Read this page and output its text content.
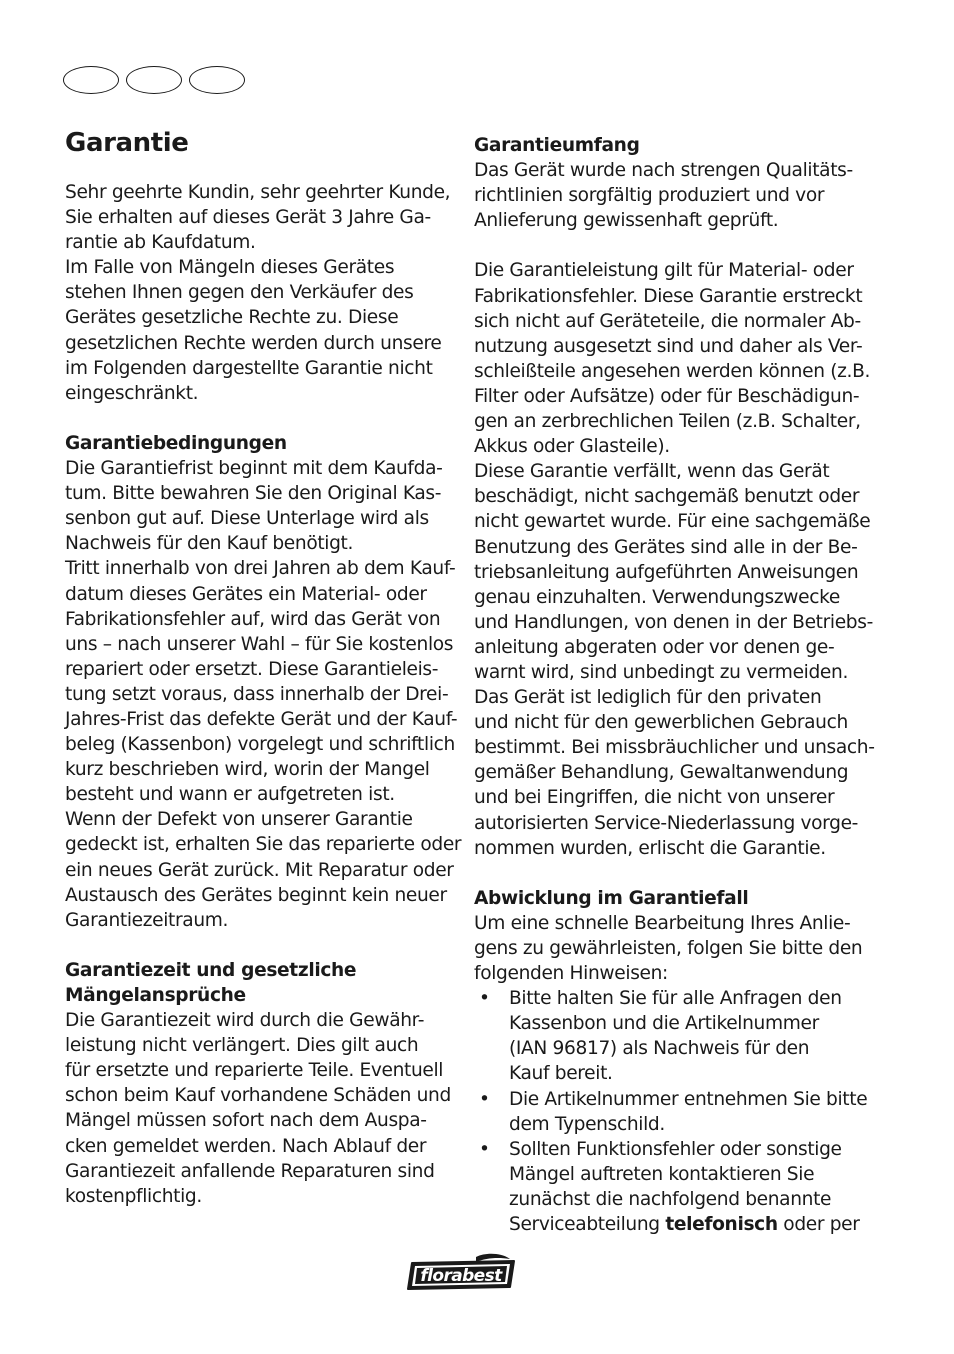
Garantie
Sehr geehrte Kundin, sehr geehrter Kunde,
Sie erhalten auf dieses Gerät 3 Jahre Ga-
rantie ab Kaufdatum.
Im Falle von Mängeln dieses Gerätes
stehen Ihnen gegen den Verkäufer des
Gerätes gesetzliche Rechte zu. Diese
gesetzlichen Rechte werden durch unsere
im Folgenden dargestellte Garantie nicht
eingeschränkt.
Garantiebedingungen
Die Garantiefrist beginnt mit dem Kaufda-
tum. Bitte bewahren Sie den Original Kas-
senbon gut auf. Diese Unterlage wird als
Nachweis für den Kauf benötigt.
Tritt innerhalb von drei Jahren ab dem Kauf-
datum dieses Gerätes ein Material- oder
Fabrikationsfehler auf, wird das Gerät von
uns – nach unserer Wahl – für Sie kostenlos
repariert oder ersetzt. Diese Garantieleis-
tung setzt voraus, dass innerhalb der Drei-
Jahres-Frist das defekte Gerät und der Kauf-
beleg (Kassenbon) vorgelegt und schriftlich
kurz beschrieben wird, worin der Mangel
besteht und wann er aufgetreten ist.
Wenn der Defekt von unserer Garantie
gedeckt ist, erhalten Sie das reparierte oder
ein neues Gerät zurück. Mit Reparatur oder
Austausch des Gerätes beginnt kein neuer
Garantiezeitraum.
Garantiezeit und gesetzliche
Mängelansprüche
Die Garantiezeit wird durch die Gewähr-
leistung nicht verlängert. Dies gilt auch
für ersetzte und reparierte Teile. Eventuell
schon beim Kauf vorhandene Schäden und
Mängel müssen sofort nach dem Auspa-
cken gemeldet werden. Nach Ablauf der
Garantiezeit anfallende Reparaturen sind
kostenpflichtig.
Garantieumfang
Das Gerät wurde nach strengen Qualitäts-
richtlinien sorgfältig produziert und vor
Anlieferung gewissenhaft geprüft.
Die Garantieleistung gilt für Material- oder
Fabrikationsfehler. Diese Garantie erstreckt
sich nicht auf Geräteteile, die normaler Ab-
nutzung ausgesetzt sind und daher als Ver-
schleißteile angesehen werden können (z.B.
Filter oder Aufsätze) oder für Beschädigun-
gen an zerbrechlichen Teilen (z.B. Schalter,
Akkus oder Glasteile).
Diese Garantie verfällt, wenn das Gerät
beschädigt, nicht sachgemäß benutzt oder
nicht gewartet wurde. Für eine sachgemäße
Benutzung des Gerätes sind alle in der Be-
triebsanleitung aufgeführten Anweisungen
genau einzuhalten. Verwendungszwecke
und Handlungen, von denen in der Betriebs-
anleitung abgeraten oder vor denen ge-
warnt wird, sind unbedingt zu vermeiden.
Das Gerät ist lediglich für den privaten
und nicht für den gewerblichen Gebrauch
bestimmt. Bei missbräuchlicher und unsach-
gemäßer Behandlung, Gewaltanwendung
und bei Eingriffen, die nicht von unserer
autorisierten Service-Niederlassung vorge-
nommen wurden, erlischt die Garantie.
Abwicklung im Garantiefall
Um eine schnelle Bearbeitung Ihres Anlie-
gens zu gewährleisten, folgen Sie bitte den
folgenden Hinweisen:
• Bitte halten Sie für alle Anfragen den
Kassenbon und die Artikelnummer
(IAN 96817) als Nachweis für den
Kauf bereit.
• Die Artikelnummer entnehmen Sie bitte
dem Typenschild.
• Sollten Funktionsfehler oder sonstige
Mängel auftreten kontaktieren Sie
zunächst die nachfolgend benannte
Serviceabteilung telefonisch oder per
florabest
